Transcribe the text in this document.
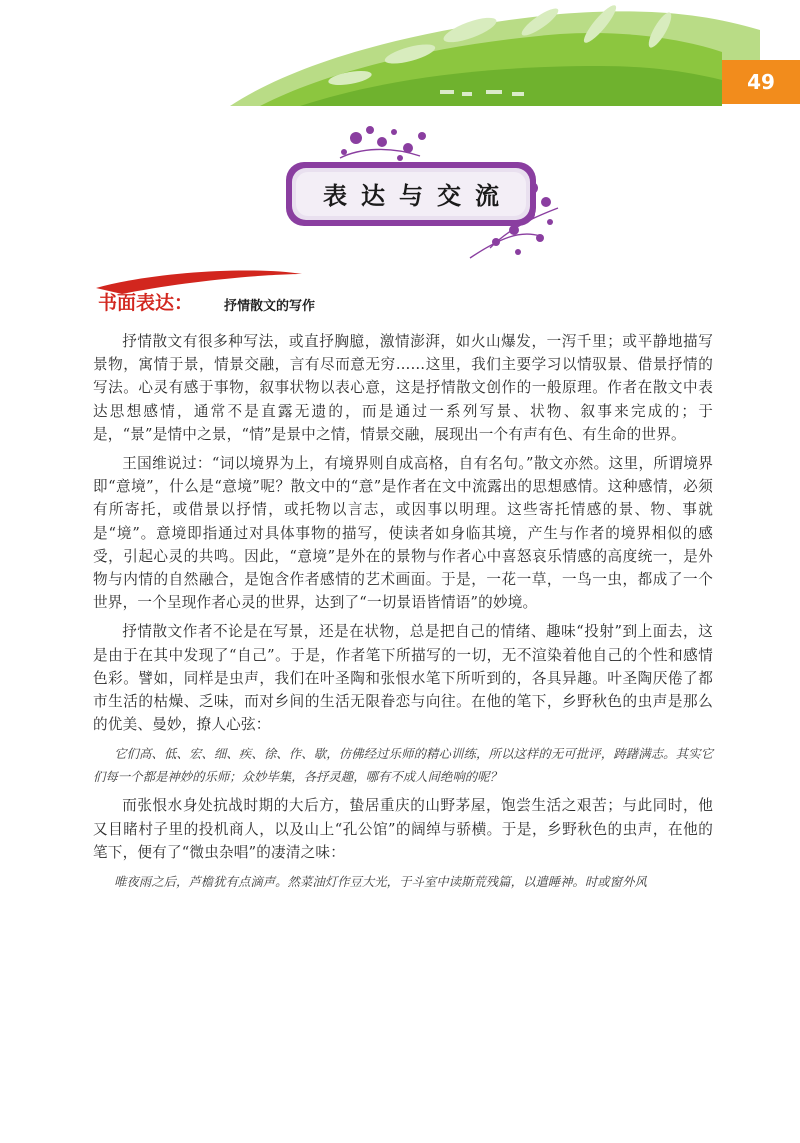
49
表达与交流
书面表达： 抒情散文的写作

抒情散文有很多种写法，或直抒胸臆，激情澎湃，如火山爆发，一泻千里；或平静地描写景物，寓情于景，情景交融，言有尽而意无穷……这里，我们主要学习以情驭景、借景抒情的写法。心灵有感于事物，叙事状物以表心意，这是抒情散文创作的一般原理。作者在散文中表达思想感情，通常不是直露无遗的，而是通过一系列写景、状物、叙事来完成的；于是，“景”是情中之景，“情”是景中之情，情景交融，展现出一个有声有色、有生命的世界。

王国维说过：“词以境界为上，有境界则自成高格，自有名句。”散文亦然。这里，所谓境界即“意境”，什么是“意境”呢？散文中的“意”是作者在文中流露出的思想感情。这种感情，必须有所寄托，或借景以抒情，或托物以言志，或因事以明理。这些寄托情感的景、物、事就是“境”。意境即指通过对具体事物的描写，使读者如身临其境，产生与作者的境界相似的感受，引起心灵的共鸣。因此，“意境”是外在的景物与作者心中喜怒哀乐情感的高度统一，是外物与内情的自然融合，是饱含作者感情的艺术画面。于是，一花一草，一鸟一虫，都成了一个世界，一个呈现作者心灵的世界，达到了“一切景语皆情语”的妙境。

抒情散文作者不论是在写景，还是在状物，总是把自己的情绪、趣味“投射”到上面去，这是由于在其中发现了“自己”。于是，作者笔下所描写的一切，无不渲染着他自己的个性和感情色彩。譬如，同样是虫声，我们在叶圣陶和张恨水笔下所听到的，各具异趣。叶圣陶厌倦了都市生活的枯燥、乏味，而对乡间的生活无限眷恋与向往。在他的笔下，乡野秋色的虫声是那么的优美、曼妙，撩人心弦：

它们高、低、宏、细、疾、徐、作、歇，仿佛经过乐师的精心训练，所以这样的无可批评，踌躇满志。其实它们每一个都是神妙的乐师；众妙毕集，各抒灵趣，哪有不成人间绝响的呢？

而张恨水身处抗战时期的大后方，蛰居重庆的山野茅屋，饱尝生活之艰苦；与此同时，他又目睹村子里的投机商人，以及山上“孔公馆”的阔绰与骄横。于是，乡野秋色的虫声，在他的笔下，便有了“微虫杂唱”的凄清之味：

唯夜雨之后，芦檐犹有点滴声。然菜油灯作豆大光，于斗室中读斯荒残篇，以遣睡神。时或窗外风
